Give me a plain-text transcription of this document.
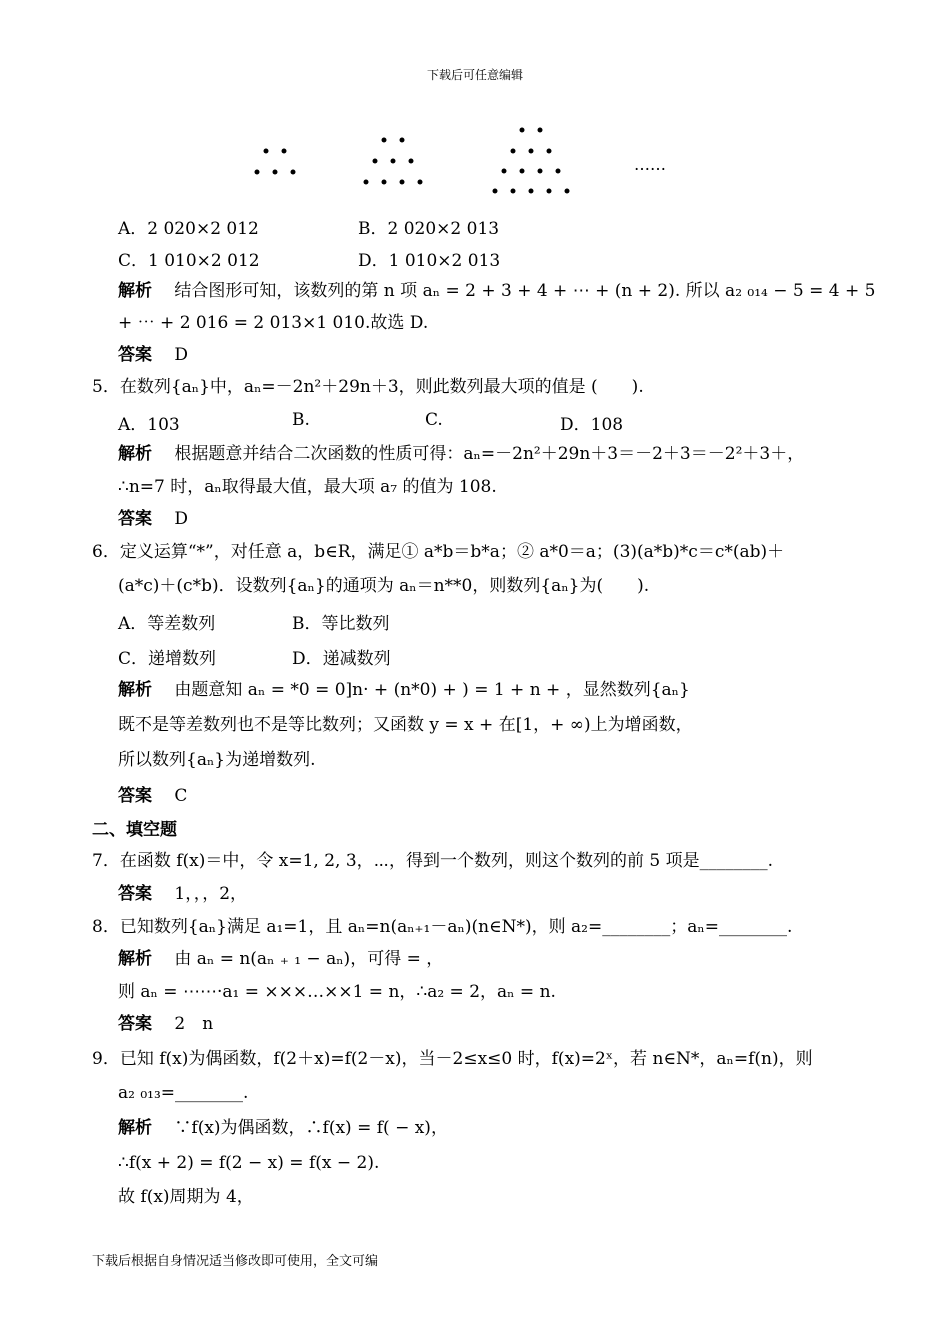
下载后可任意编辑
……
A．2 020×2 012	B．2 020×2 013
C．1 010×2 012	D．1 010×2 013
解析　 结合图形可知，该数列的第 n 项 aₙ = 2 + 3 + 4 + ⋯ + (n + 2). 所以 a₂ ₀₁₄ − 5 = 4 + 5
+ ⋯ + 2 016 = 2 013×1 010.故选 D.
答案　 D
5．在数列{aₙ}中，aₙ=－2n²＋29n＋3，则此数列最大项的值是 (　　).
A．103	B.	C.	D．108
解析　 根据题意并结合二次函数的性质可得：aₙ=－2n²＋29n＋3＝－2＋3＝－2²＋3＋，
∴n=7 时，aₙ取得最大值，最大项 a₇ 的值为 108.
答案　 D
6．定义运算“*”，对任意 a，b∈R，满足① a*b＝b*a；② a*0＝a；(3)(a*b)*c＝c*(ab)＋
(a*c)＋(c*b)．设数列{aₙ}的通项为 aₙ＝n**0，则数列{aₙ}为(　　).
A．等差数列	B．等比数列
C．递增数列	D．递减数列
解析　 由题意知 aₙ = *0 = 0]n· + (n*0) + ) = 1 + n + ，显然数列{aₙ}
既不是等差数列也不是等比数列；又函数 y = x + 在[1，+ ∞)上为增函数，
所以数列{aₙ}为递增数列.
答案　 C
二、填空题
7．在函数 f(x)＝中，令 x=1, 2, 3，⋯，得到一个数列，则这个数列的前 5 项是________.
答案　 1，，，2，
8．已知数列{aₙ}满足 a₁=1，且 aₙ=n(aₙ₊₁－aₙ)(n∈N*)，则 a₂=________；aₙ=________.
解析　 由 aₙ = n(aₙ ₊ ₁ − aₙ)，可得 = ，
则 aₙ = ⋯⋯·a₁ = ×××…××1 = n，∴a₂ = 2，aₙ = n.
答案　 2　n
9．已知 f(x)为偶函数，f(2＋x)=f(2－x)，当－2≤x≤0 时，f(x)=2ˣ，若 n∈N*，aₙ=f(n)，则
a₂ ₀₁₃=________.
解析　 ∵f(x)为偶函数，∴f(x) = f( − x)，
∴f(x + 2) = f(2 − x) = f(x − 2).
故 f(x)周期为 4，
下载后根据自身情况适当修改即可使用，全文可编
